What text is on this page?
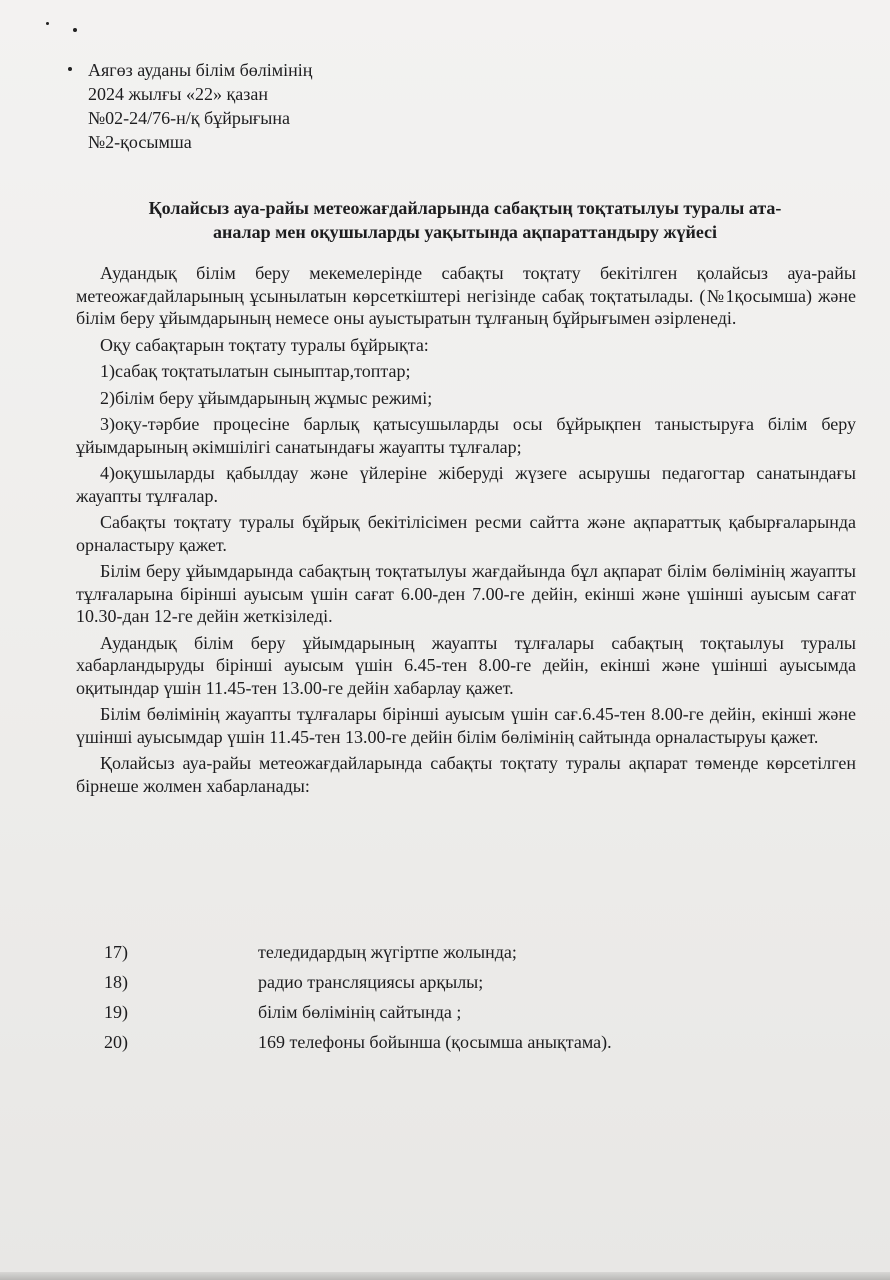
Аягөз ауданы білім бөлімінің
2024 жылғы «22» қазан
№02-24/76-н/қ бұйрығына
№2-қосымша
Қолайсыз ауа-райы метеожағдайларында сабақтың тоқтатылуы туралы ата-
аналар мен оқушыларды уақытында ақпараттандыру жүйесі

Аудандық білім беру мекемелерінде сабақты тоқтату бекітілген қолайсыз ауа-райы метеожағдайларының ұсынылатын көрсеткіштері негізінде сабақ тоқтатылады. (№1қосымша) және білім беру ұйымдарының немесе оны ауыстыратын тұлғаның бұйрығымен әзірленеді.

Оқу сабақтарын тоқтату туралы бұйрықта:

1)сабақ тоқтатылатын сыныптар,топтар;

2)білім беру ұйымдарының жұмыс режимі;

3)оқу-тәрбие процесіне барлық қатысушыларды осы бұйрықпен таныстыруға білім беру ұйымдарының әкімшілігі санатындағы жауапты тұлғалар;

4)оқушыларды қабылдау және үйлеріне жіберуді жүзеге асырушы педагогтар санатындағы жауапты тұлғалар.

Сабақты тоқтату туралы бұйрық бекітілісімен ресми сайтта және ақпараттық қабырғаларында орналастыру қажет.

Білім беру ұйымдарында сабақтың тоқтатылуы жағдайында бұл ақпарат білім бөлімінің жауапты тұлғаларына бірінші ауысым үшін сағат 6.00-ден 7.00-ге дейін, екінші және үшінші ауысым сағат 10.30-дан 12-ге дейін жеткізіледі.

Аудандық білім беру ұйымдарының жауапты тұлғалары сабақтың тоқтаылуы туралы хабарландыруды бірінші ауысым үшін 6.45-тен 8.00-ге дейін, екінші және үшінші ауысымда оқитындар үшін 11.45-тен 13.00-ге дейін хабарлау қажет.

Білім бөлімінің жауапты тұлғалары бірінші ауысым үшін сағ.6.45-тен 8.00-ге дейін, екінші және үшінші ауысымдар үшін 11.45-тен 13.00-ге дейін білім бөлімінің сайтында орналастыруы қажет.

Қолайсыз ауа-райы метеожағдайларында сабақты тоқтату туралы ақпарат төменде көрсетілген бірнеше жолмен хабарланады:

17)	теледидардың жүгіртпе жолында;
18)	радио трансляциясы арқылы;
19)	білім бөлімінің сайтында ;
20)	169 телефоны бойынша (қосымша анықтама).
